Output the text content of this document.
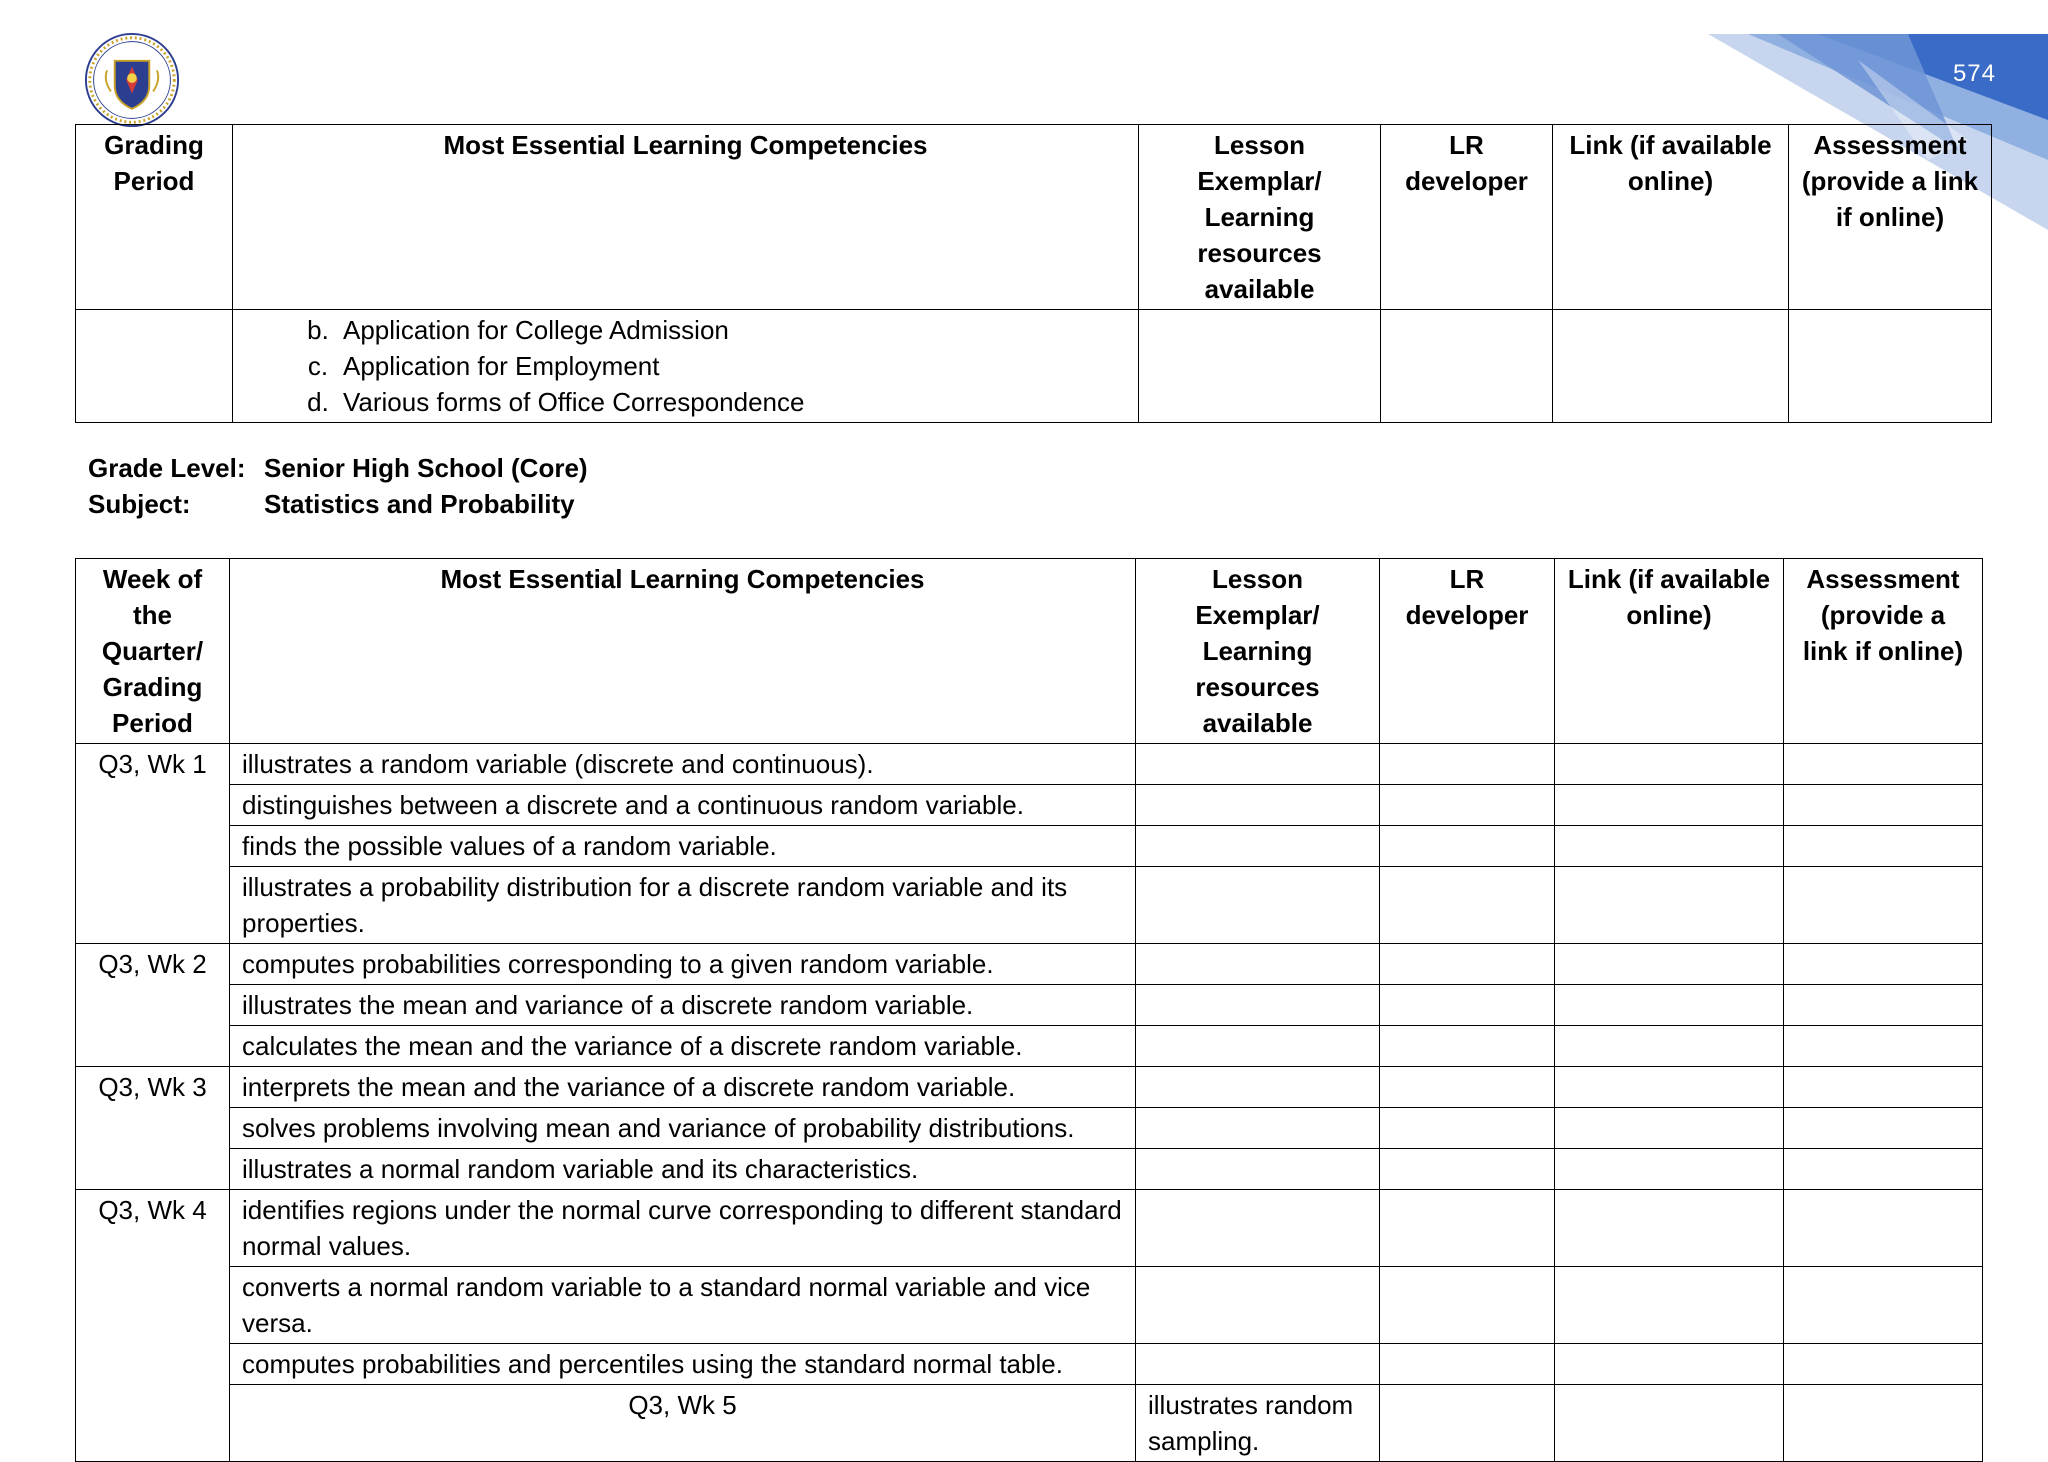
574
Grading Period	Most Essential Learning Competencies	Lesson Exemplar/ Learning resources available	LR developer	Link (if available online)	Assessment (provide a link if online)

	b. Application for College Admission
c. Application for Employment
d. Various forms of Office Correspondence				

Grade Level: Senior High School (Core)
Subject:	Statistics and Probability
Week of the Quarter/ Grading Period	Most Essential Learning Competencies	Lesson Exemplar/ Learning resources available	LR developer	Link (if available online)	Assessment (provide a link if online)	
Q3, Wk 1	illustrates a random variable (discrete and continuous).					
	distinguishes between a discrete and a continuous random variable.					
	finds the possible values of a random variable.					
	illustrates a probability distribution for a discrete random variable and its properties.					
Q3, Wk 2	computes probabilities corresponding to a given random variable.					
	illustrates the mean and variance of a discrete random variable.					
	calculates the mean and the variance of a discrete random variable.					
Q3, Wk 3	interprets the mean and the variance of a discrete random variable.					
	solves problems involving mean and variance of probability distributions.					
	illustrates a normal random variable and its characteristics.					
Q3, Wk 4	identifies regions under the normal curve corresponding to different standard normal values.					
	converts a normal random variable to a standard normal variable and vice versa.					
	computes probabilities and percentiles using the standard normal table.					
	Q3, Wk 5	illustrates random sampling.				
